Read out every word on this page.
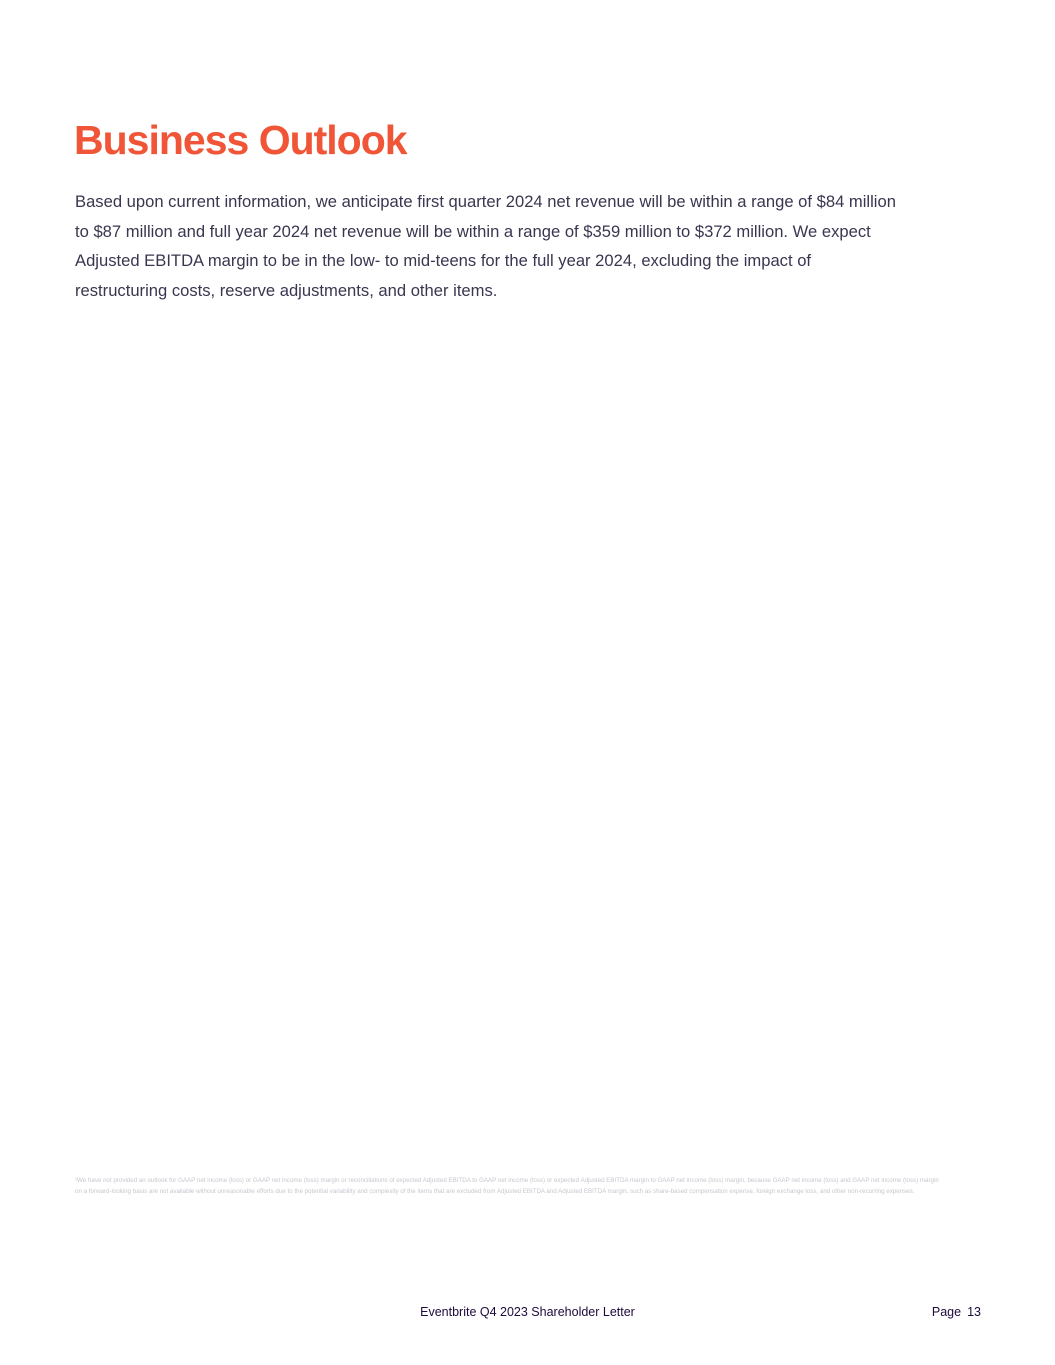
Business Outlook

Based upon current information, we anticipate first quarter 2024 net revenue will be within a range of $84 million to $87 million and full year 2024 net revenue will be within a range of $359 million to $372 million. We expect Adjusted EBITDA margin to be in the low- to mid-teens for the full year 2024, excluding the impact of restructuring costs, reserve adjustments, and other items.

¹We have not provided an outlook for GAAP net income (loss) or GAAP net income (loss) margin or reconciliations of expected Adjusted EBITDA to GAAP net income (loss) or expected Adjusted EBITDA margin to GAAP net income (loss) margin, because GAAP net income (loss) and GAAP net income (loss) margin on a forward-looking basis are not available without unreasonable efforts due to the potential variability and complexity of the items that are excluded from Adjusted EBITDA and Adjusted EBITDA margin, such as share-based compensation expense, foreign exchange loss, and other non-recurring expenses.

Eventbrite Q4 2023 Shareholder Letter	Page 13
